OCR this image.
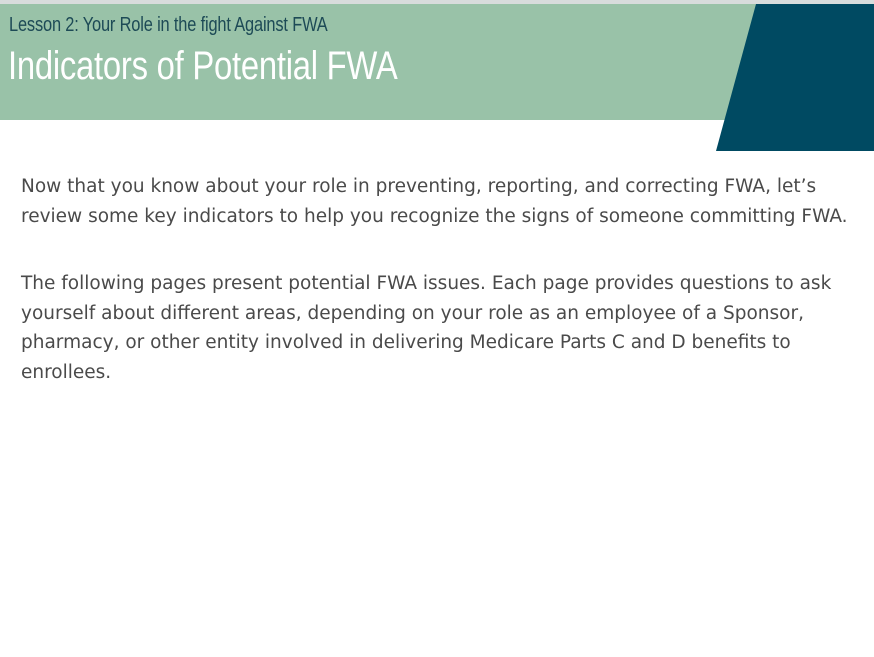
Lesson 2: Your Role in the fight Against FWA
Indicators of Potential FWA

Now that you know about your role in preventing, reporting, and correcting FWA, let’s review some key indicators to help you recognize the signs of someone committing FWA.

The following pages present potential FWA issues. Each page provides questions to ask yourself about different areas, depending on your role as an employee of a Sponsor, pharmacy, or other entity involved in delivering Medicare Parts C and D benefits to enrollees.
